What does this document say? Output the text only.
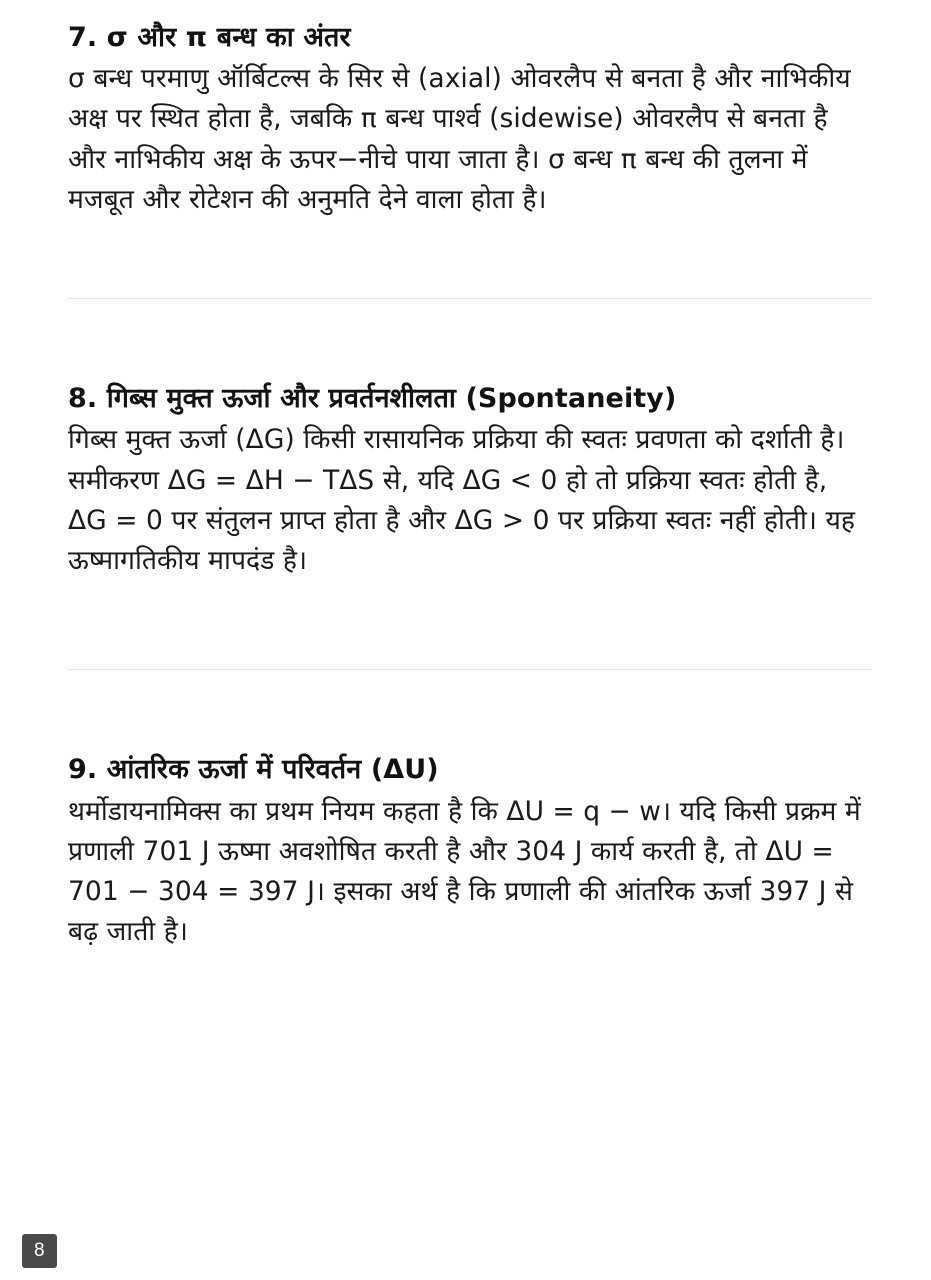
7. σ और π बन्ध का अंतर

σ बन्ध परमाणु ऑर्बिटल्स के सिर से (axial) ओवरलैप से बनता है और नाभिकीय अक्ष पर स्थित होता है, जबकि π बन्ध पार्श्व (sidewise) ओवरलैप से बनता है और नाभिकीय अक्ष के ऊपर−नीचे पाया जाता है। σ बन्ध π बन्ध की तुलना में मजबूत और रोटेशन की अनुमति देने वाला होता है।

8. गिब्स मुक्त ऊर्जा और प्रवर्तनशीलता (Spontaneity)

गिब्स मुक्त ऊर्जा (ΔG) किसी रासायनिक प्रक्रिया की स्वतः प्रवणता को दर्शाती है। समीकरण ΔG = ΔH − TΔS से, यदि ΔG < 0 हो तो प्रक्रिया स्वतः होती है, ΔG = 0 पर संतुलन प्राप्त होता है और ΔG > 0 पर प्रक्रिया स्वतः नहीं होती। यह ऊष्मागतिकीय मापदंड है।

9. आंतरिक ऊर्जा में परिवर्तन (ΔU)

थर्मोडायनामिक्स का प्रथम नियम कहता है कि ΔU = q − w। यदि किसी प्रक्रम में प्रणाली 701 J ऊष्मा अवशोषित करती है और 304 J कार्य करती है, तो ΔU = 701 − 304 = 397 J। इसका अर्थ है कि प्रणाली की आंतरिक ऊर्जा 397 J से बढ़ जाती है।

8
